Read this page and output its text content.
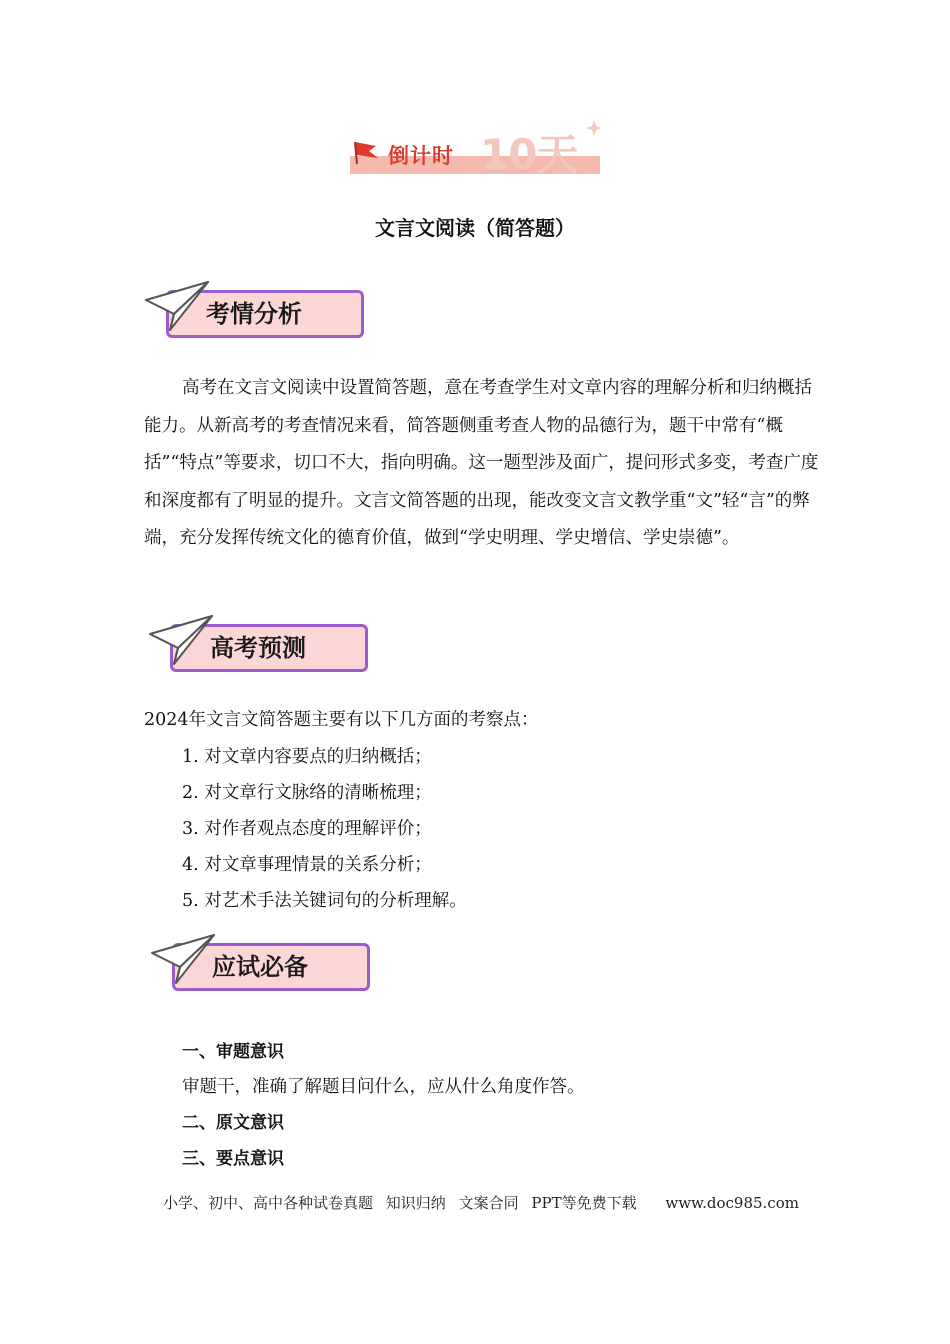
倒计时 10天
文言文阅读（简答题）
考情分析

高考在文言文阅读中设置简答题，意在考查学生对文章内容的理解分析和归纳概括能力。从新高考的考查情况来看，简答题侧重考查人物的品德行为，题干中常有“概括”“特点”等要求，切口不大，指向明确。这一题型涉及面广，提问形式多变，考查广度和深度都有了明显的提升。文言文简答题的出现，能改变文言文教学重“文”轻“言”的弊端，充分发挥传统文化的德育价值，做到“学史明理、学史增信、学史崇德”。

高考预测
2024年文言文简答题主要有以下几方面的考察点：
1. 对文章内容要点的归纳概括；
2. 对文章行文脉络的清晰梳理；
3. 对作者观点态度的理解评价；
4. 对文章事理情景的关系分析；
5. 对艺术手法关键词句的分析理解。
应试必备
一、审题意识
审题干，准确了解题目问什么，应从什么角度作答。
二、原文意识
三、要点意识
小学、初中、高中各种试卷真题 知识归纳 文案合同 PPT等免费下载 www.doc985.com
